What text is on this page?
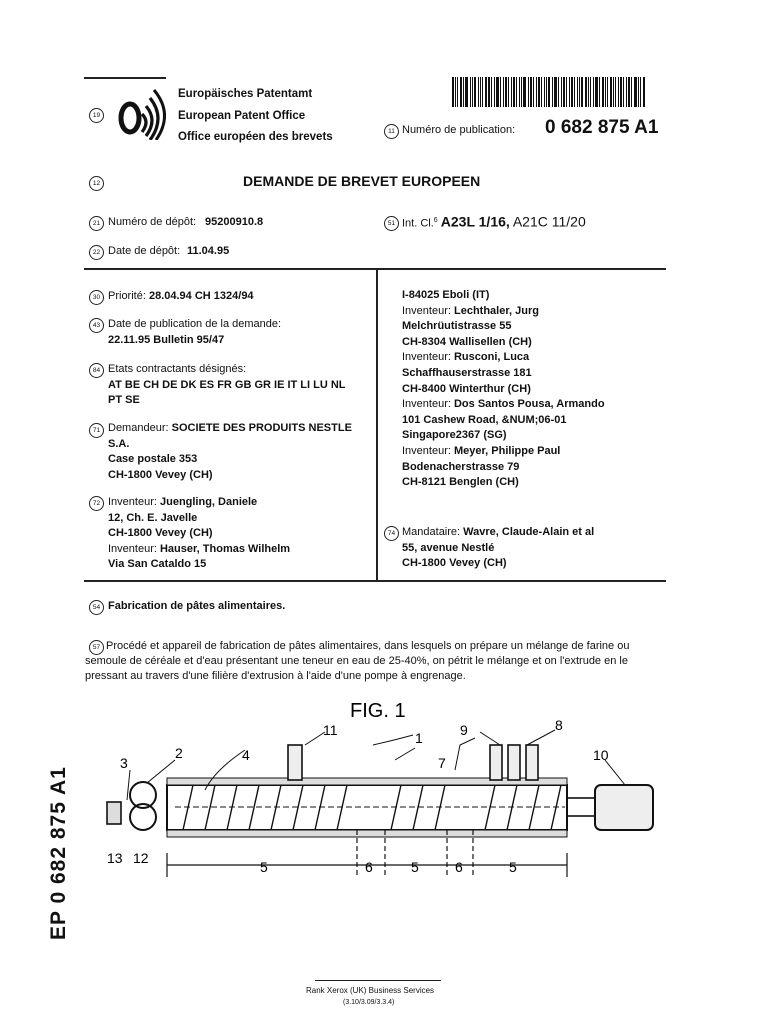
19
Europäisches Patentamt
European Patent Office
Office européen des brevets	11 Numéro de publication: 0 682 875 A1
12	DEMANDE DE BREVET EUROPEEN
21 Numéro de dépôt: 95200910.8
22 Date de dépôt: 11.04.95
51 Int. Cl.$^6$ A23L 1/16, A21C 11/20
30 Priorité: 28.04.94 CH 1324/94
43 Date de publication de la demande:
22.11.95 Bulletin 95/47
84 Etats contractants désignés:
AT BE CH DE DK ES FR GB GR IE IT LI LU NL
PT SE
71 Demandeur: SOCIETE DES PRODUITS NESTLE
S.A.
Case postale 353
CH-1800 Vevey (CH)
72 Inventeur: Juengling, Daniele
12, Ch. E. Javelle
CH-1800 Vevey (CH)
Inventeur: Hauser, Thomas Wilhelm
Via San Cataldo 15
I-84025 Eboli (IT)
Inventeur: Lechthaler, Jurg
Melchrüutistrasse 55
CH-8304 Wallisellen (CH)
Inventeur: Rusconi, Luca
Schaffhauserstrasse 181
CH-8400 Winterthur (CH)
Inventeur: Dos Santos Pousa, Armando
101 Cashew Road, &NUM;06-01
Singapore2367 (SG)
Inventeur: Meyer, Philippe Paul
Bodenacherstrasse 79
CH-8121 Benglen (CH)
74 Mandataire: Wavre, Claude-Alain et al
55, avenue Nestlé
CH-1800 Vevey (CH)
54 Fabrication de pâtes alimentaires.
57 Procédé et appareil de fabrication de pâtes alimentaires, dans lesquels on prépare un mélange de farine ou
semoule de céréale et d'eau présentant une teneur en eau de 25-40%, on pétrit le mélange et on l'extrude en le
pressant au travers d'une filière d'extrusion à l'aide d'une pompe à engrenage.
FIG. 1
1
2
3	4
5	6	5	6	5
7
8
9
10
11
12
13
EP 0 682 875 A1
Rank Xerox (UK) Business Services
(3.10/3.09/3.3.4)
